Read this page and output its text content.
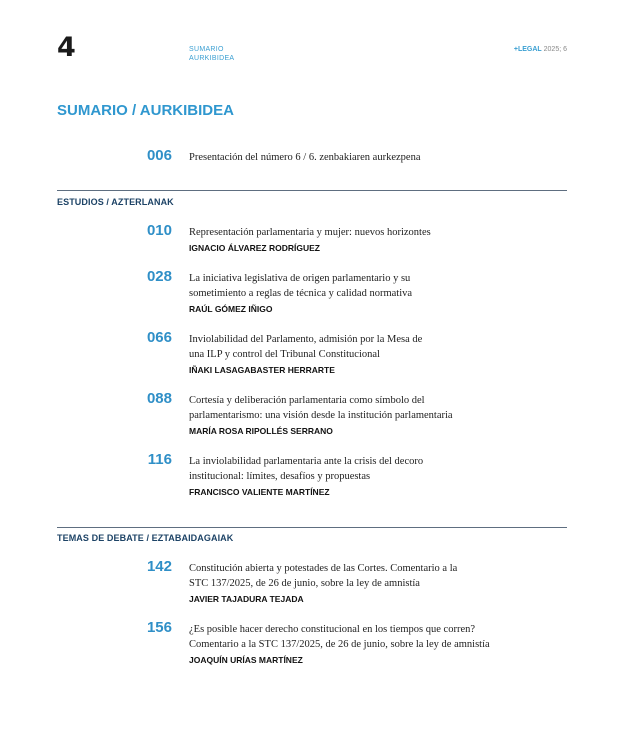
4	SUMARIO
AURKIBIDEA
+LEGAL 2025; 6
SUMARIO / AURKIBIDEA
006 Presentación del número 6 / 6. zenbakiaren aurkezpena
ESTUDIOS / AZTERLANAK
010 Representación parlamentaria y mujer: nuevos horizontes
IGNACIO ÁLVAREZ RODRÍGUEZ
028 La iniciativa legislativa de origen parlamentario y su
sometimiento a reglas de técnica y calidad normativa
RAÚL GÓMEZ IÑIGO
066 Inviolabilidad del Parlamento, admisión por la Mesa de
una ILP y control del Tribunal Constitucional
IÑAKI LASAGABASTER HERRARTE
088 Cortesía y deliberación parlamentaria como símbolo del
parlamentarismo: una visión desde la institución parlamentaria
MARÍA ROSA RIPOLLÉS SERRANO
116 La inviolabilidad parlamentaria ante la crisis del decoro
institucional: límites, desafíos y propuestas
FRANCISCO VALIENTE MARTÍNEZ
TEMAS DE DEBATE / EZTABAIDAGAIAK
142 Constitución abierta y potestades de las Cortes. Comentario a la
STC 137/2025, de 26 de junio, sobre la ley de amnistía
JAVIER TAJADURA TEJADA
156 ¿Es posible hacer derecho constitucional en los tiempos que corren?
Comentario a la STC 137/2025, de 26 de junio, sobre la ley de amnistía
JOAQUÍN URÍAS MARTÍNEZ
